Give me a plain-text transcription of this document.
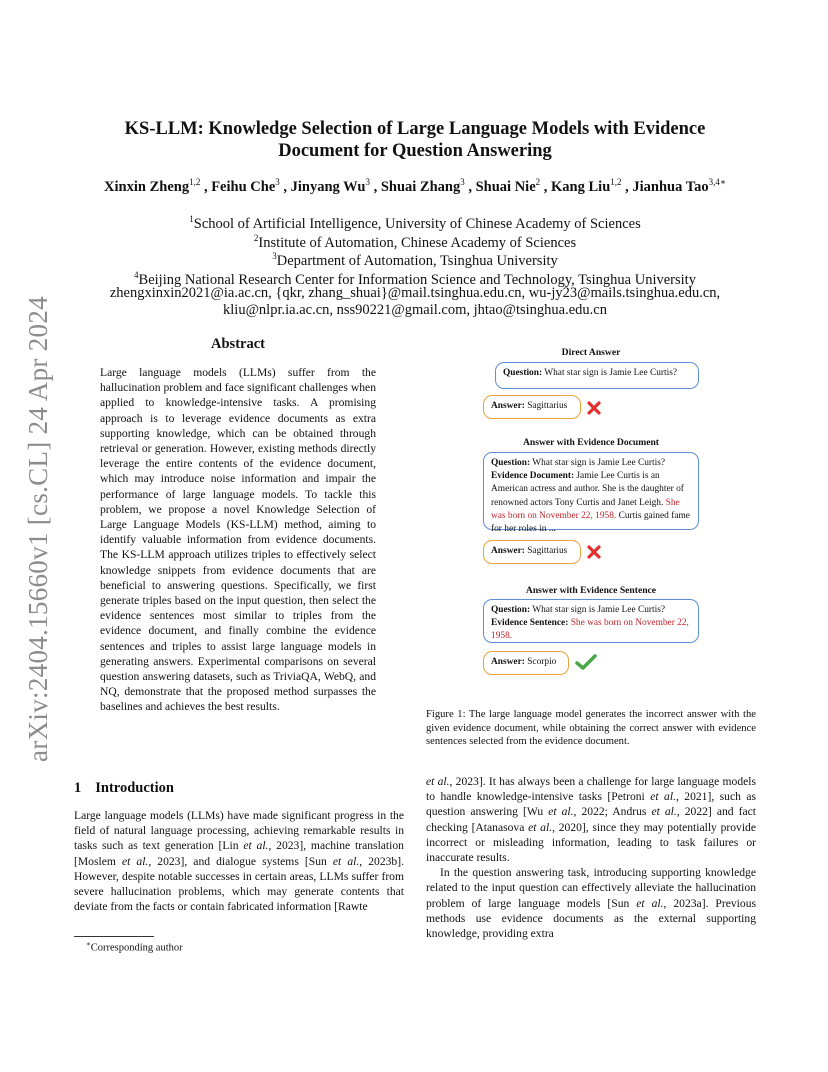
arXiv:2404.15660v1 [cs.CL] 24 Apr 2024
KS-LLM: Knowledge Selection of Large Language Models with Evidence
Document for Question Answering
Xinxin Zheng$^{1,2}$ , Feihu Che$^3$ , Jinyang Wu$^3$ , Shuai Zhang$^3$ , Shuai Nie$^2$ , Kang Liu$^{1,2}$ , Jianhua Tao$^{3,4∗}$
$^1$School of Artificial Intelligence, University of Chinese Academy of Sciences
$^2$Institute of Automation, Chinese Academy of Sciences
$^3$Department of Automation, Tsinghua University
$^4$Beijing National Research Center for Information Science and Technology, Tsinghua University
zhengxinxin2021@ia.ac.cn, {qkr, zhang_shuai}@mail.tsinghua.edu.cn, wu-jy23@mails.tsinghua.edu.cn,
kliu@nlpr.ia.ac.cn, nss90221@gmail.com, jhtao@tsinghua.edu.cn
Abstract
Large language models (LLMs) suffer from the hallucination problem and face significant challenges when applied to knowledge-intensive tasks. A promising approach is to leverage evidence documents as extra supporting knowledge, which can be obtained through retrieval or generation. However, existing methods directly leverage the entire contents of the evidence document, which may introduce noise information and impair the performance of large language models. To tackle this problem, we propose a novel Knowledge Selection of Large Language Models (KS-LLM) method, aiming to identify valuable information from evidence documents. The KS-LLM approach utilizes triples to effectively select knowledge snippets from evidence documents that are beneficial to answering questions. Specifically, we first generate triples based on the input question, then select the evidence sentences most similar to triples from the evidence document, and finally combine the evidence sentences and triples to assist large language models in generating answers. Experimental comparisons on several question answering datasets, such as TriviaQA, WebQ, and NQ, demonstrate that the proposed method surpasses the baselines and achieves the best results.
Direct Answer
Question: What star sign is Jamie Lee Curtis?
Answer: Sagittarius
Answer with Evidence Document
Question: What star sign is Jamie Lee Curtis?
Evidence Document: Jamie Lee Curtis is an American actress and author. She is the daughter of renowned actors Tony Curtis and Janet Leigh. She was born on November 22, 1958. Curtis gained fame for her roles in ...
Answer: Sagittarius
Answer with Evidence Sentence
Question: What star sign is Jamie Lee Curtis?
Evidence Sentence: She was born on November 22, 1958.
Answer: Scorpio
Figure 1: The large language model generates the incorrect answer with the given evidence document, while obtaining the correct answer with evidence sentences selected from the evidence document.
1 Introduction
Large language models (LLMs) have made significant progress in the field of natural language processing, achieving remarkable results in tasks such as text generation [Lin et al., 2023], machine translation [Moslem et al., 2023], and dialogue systems [Sun et al., 2023b]. However, despite notable successes in certain areas, LLMs suffer from severe hallucination problems, which may generate contents that deviate from the facts or contain fabricated information [Rawte
et al., 2023]. It has always been a challenge for large language models to handle knowledge-intensive tasks [Petroni et al., 2021], such as question answering [Wu et al., 2022; Andrus et al., 2022] and fact checking [Atanasova et al., 2020], since they may potentially provide incorrect or misleading information, leading to task failures or inaccurate results.
In the question answering task, introducing supporting knowledge related to the input question can effectively alleviate the hallucination problem of large language models [Sun et al., 2023a]. Previous methods use evidence documents as the external supporting knowledge, providing extra
∗Corresponding author
